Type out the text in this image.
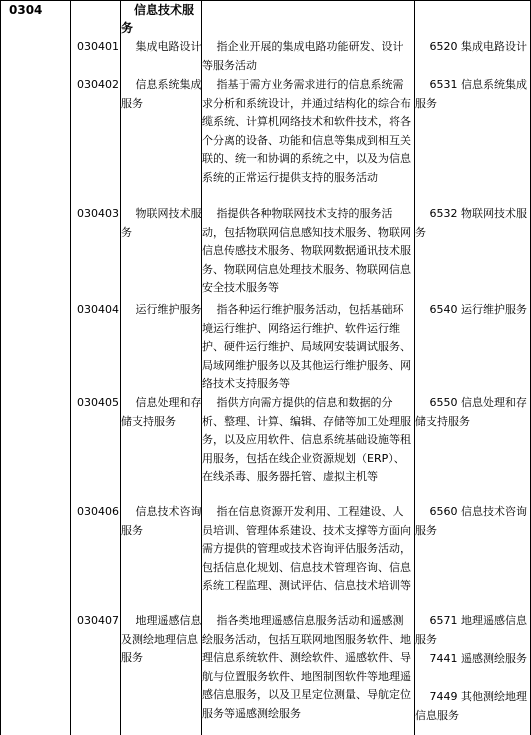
0304	信息技术服
务
030401 　 集成电路设计 　 指企业开展的集成电路功能研发、设计等服务活动
　 6520 集成电路设计
030402 　 信息系统集成服务
　 指基于需方业务需求进行的信息系统需求分析和系统设计，并通过结构化的综合布缆系统、计算机网络技术和软件技术，将各个分离的设备、功能和信息等集成到相互关联的、统一和协调的系统之中，以及为信息系统的正常运行提供支持的服务活动
　 6531 信息系统集成服务
030403 　 物联网技术服务
　 指提供各种物联网技术支持的服务活动，包括物联网信息感知技术服务、物联网信息传感技术服务、物联网数据通讯技术服务、物联网信息处理技术服务、物联网信息安全技术服务等
　 6532 物联网技术服务
030404 　 运行维护服务 　 指各种运行维护服务活动，包括基础环境运行维护、网络运行维护、软件运行维护、硬件运行维护、局域网安装调试服务、局域网维护服务以及其他运行维护服务、网络技术支持服务等
　 6540 运行维护服务
030405 　 信息处理和存储支持服务
　 指供方向需方提供的信息和数据的分析、整理、计算、编辑、存储等加工处理服务，以及应用软件、信息系统基础设施等租用服务，包括在线企业资源规划（ERP）、在线杀毒、服务器托管、虚拟主机等
　 6550 信息处理和存储支持服务
030406 　 信息技术咨询服务
　 指在信息资源开发利用、工程建设、人员培训、管理体系建设、技术支撑等方面向需方提供的管理或技术咨询评估服务活动，包括信息化规划、信息技术管理咨询、信息系统工程监理、测试评估、信息技术培训等
　 6560 信息技术咨询服务
030407 　 地理遥感信息及测绘地理信息服务
　 指各类地理遥感信息服务活动和遥感测绘服务活动，包括互联网地图服务软件、地理信息系统软件、测绘软件、遥感软件、导航与位置服务软件、地图制图软件等地理遥感信息服务，以及卫星定位测量、导航定位服务等遥感测绘服务
　 6571 地理遥感信息服务
　 7441 遥感测绘服务
　 7449 其他测绘地理信息服务
